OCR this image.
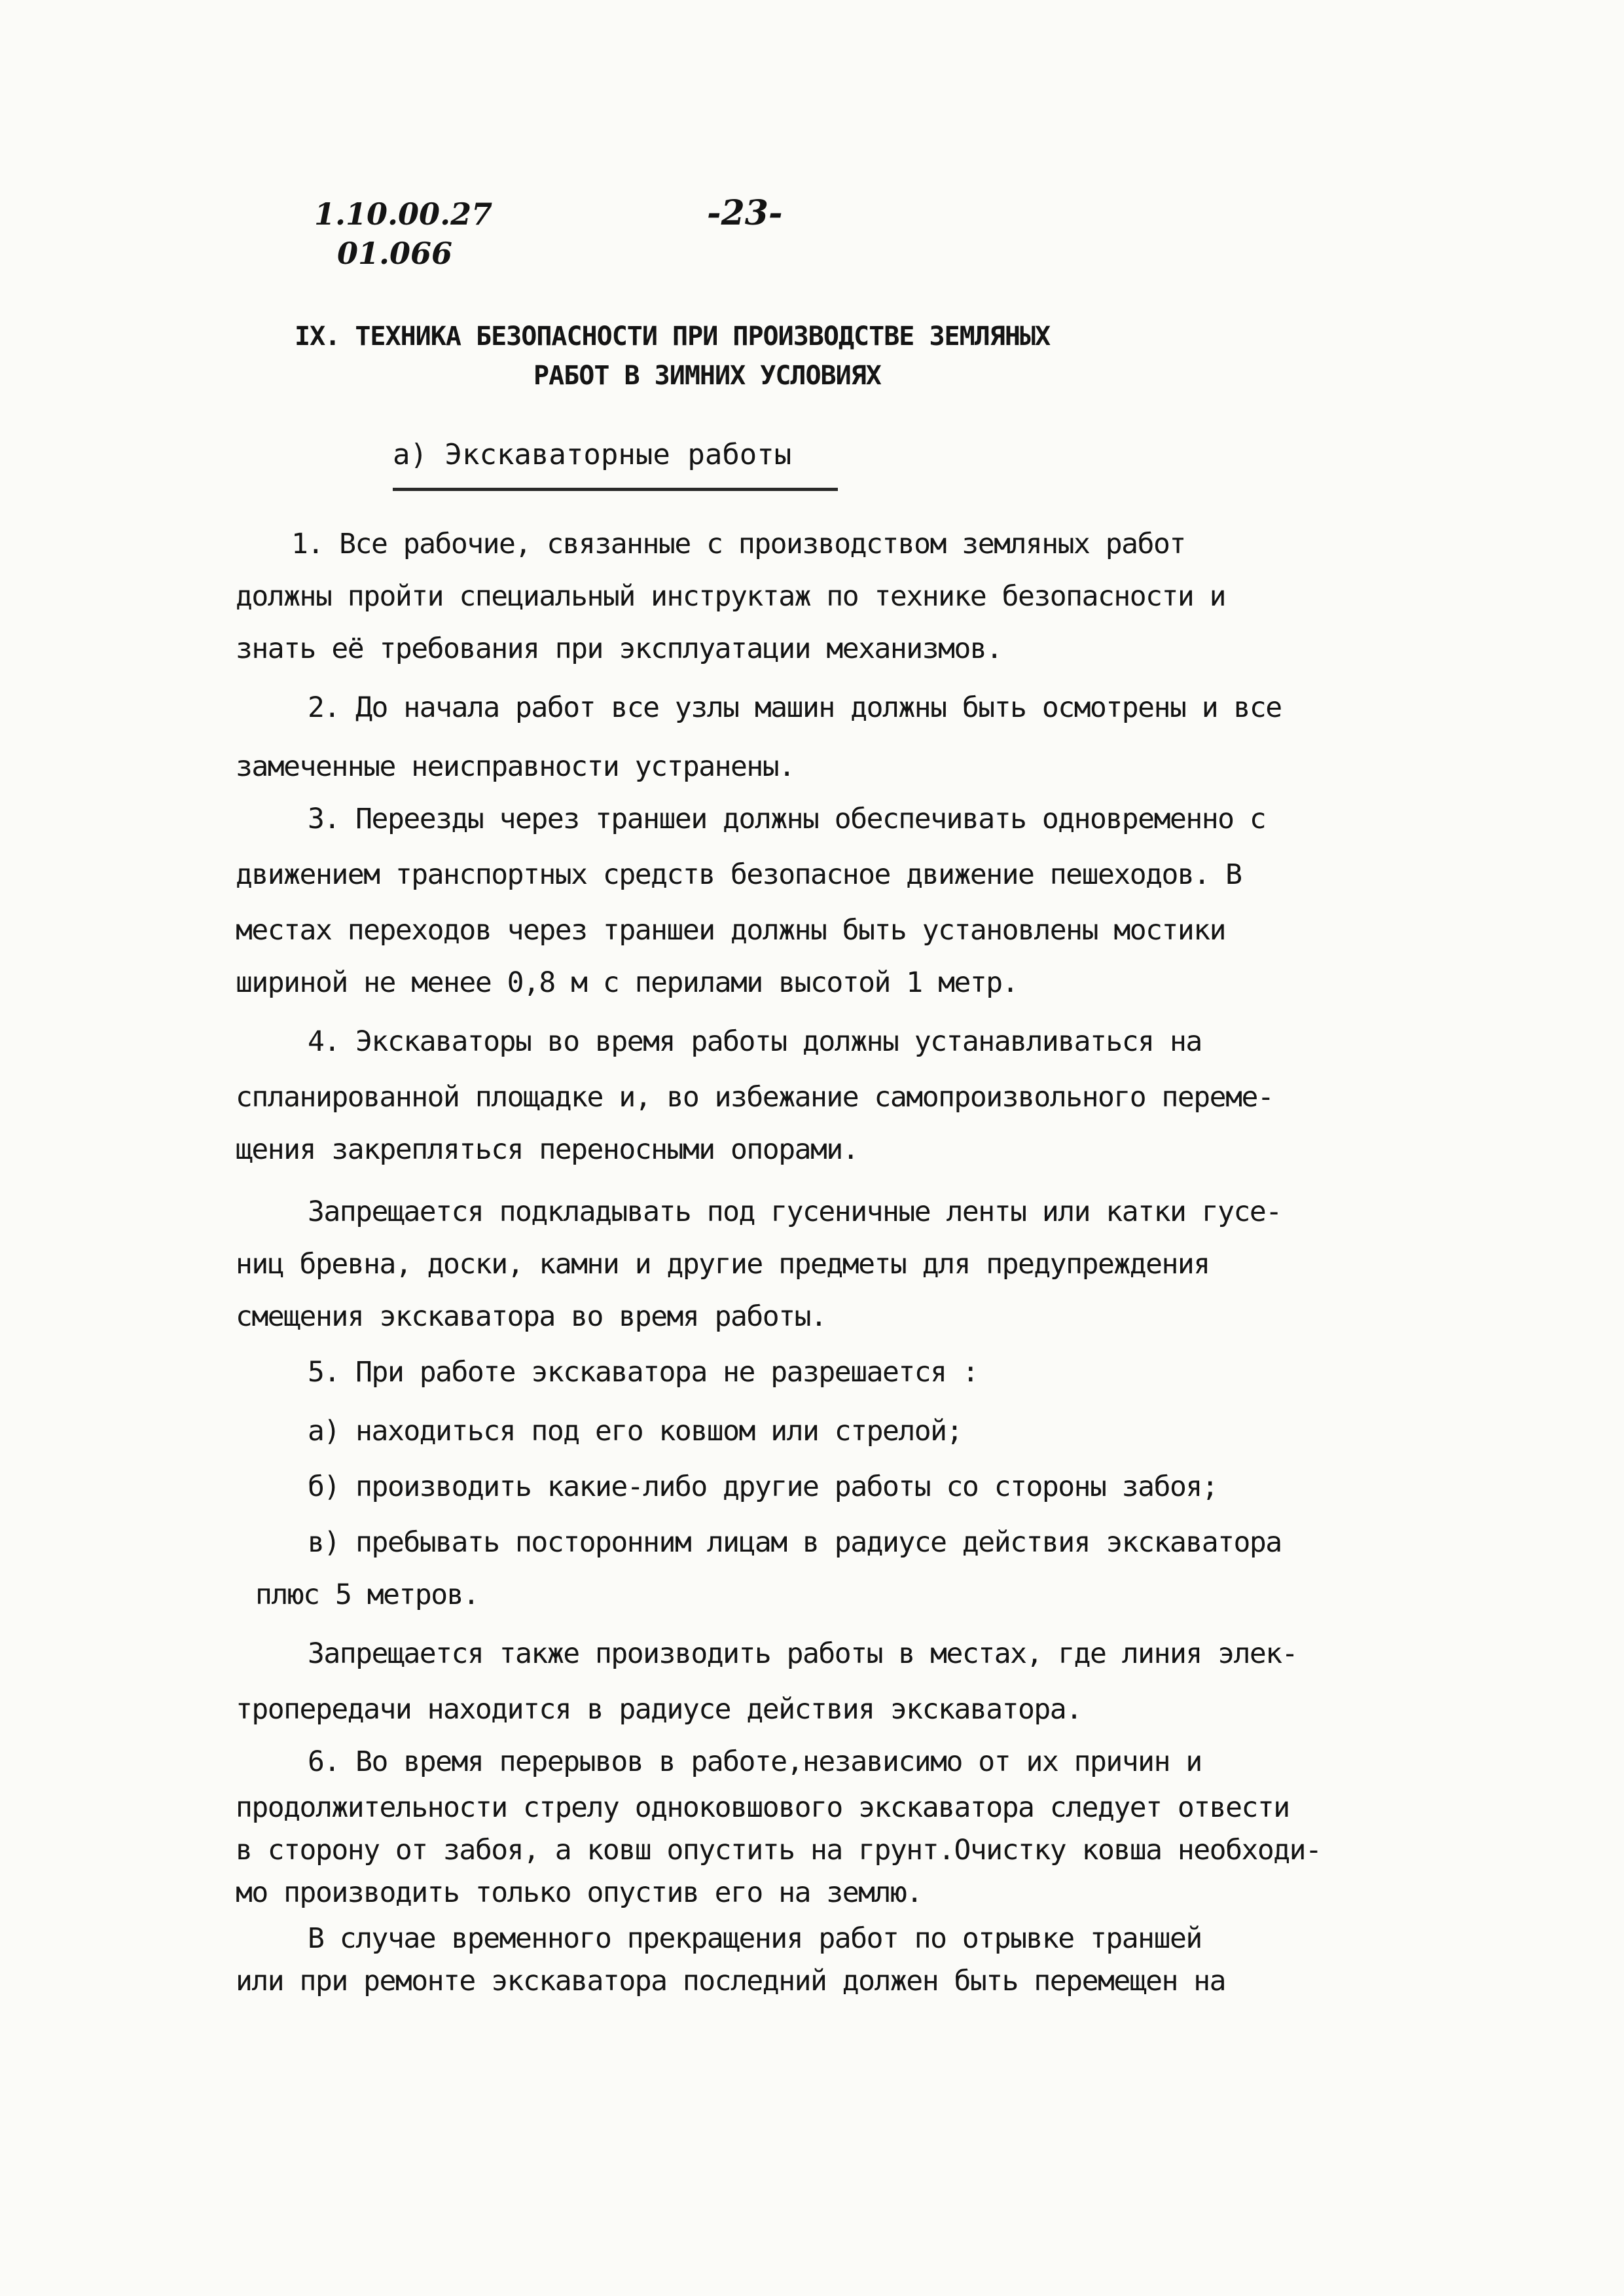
1.10.00.27
01.066
-23-
IX. ТЕХНИКА БЕЗОПАСНОСТИ ПРИ ПРОИЗВОДСТВЕ ЗЕМЛЯНЫХ
РАБОТ В ЗИМНИХ УСЛОВИЯХ
а) Экскаваторные работы
1. Все рабочие, связанные с производством земляных работ
должны пройти специальный инструктаж по технике безопасности и
знать её требования при эксплуатации механизмов.
2. До начала работ все узлы машин должны быть осмотрены и все
замеченные неисправности устранены.
3. Переезды через траншеи должны обеспечивать одновременно с
движением транспортных средств безопасное движение пешеходов. В
местах переходов через траншеи должны быть установлены мостики
шириной не менее 0,8 м с перилами высотой 1 метр.
4. Экскаваторы во время работы должны устанавливаться на
спланированной площадке и, во избежание самопроизвольного переме-
щения закрепляться переносными опорами.
Запрещается подкладывать под гусеничные ленты или катки гусе-
ниц бревна, доски, камни и другие предметы для предупреждения
смещения экскаватора во время работы.
5. При работе экскаватора не разрешается :
а) находиться под его ковшом или стрелой;
б) производить какие-либо другие работы со стороны забоя;
в) пребывать посторонним лицам в радиусе действия экскаватора
плюс 5 метров.
Запрещается также производить работы в местах, где линия элек-
тропередачи находится в радиусе действия экскаватора.
6. Во время перерывов в работе,независимо от их причин и
продолжительности стрелу одноковшового экскаватора следует отвести
в сторону от забоя, а ковш опустить на грунт.Очистку ковша необходи-
мо производить только опустив его на землю.
В случае временного прекращения работ по отрывке траншей
или при ремонте экскаватора последний должен быть перемещен на
